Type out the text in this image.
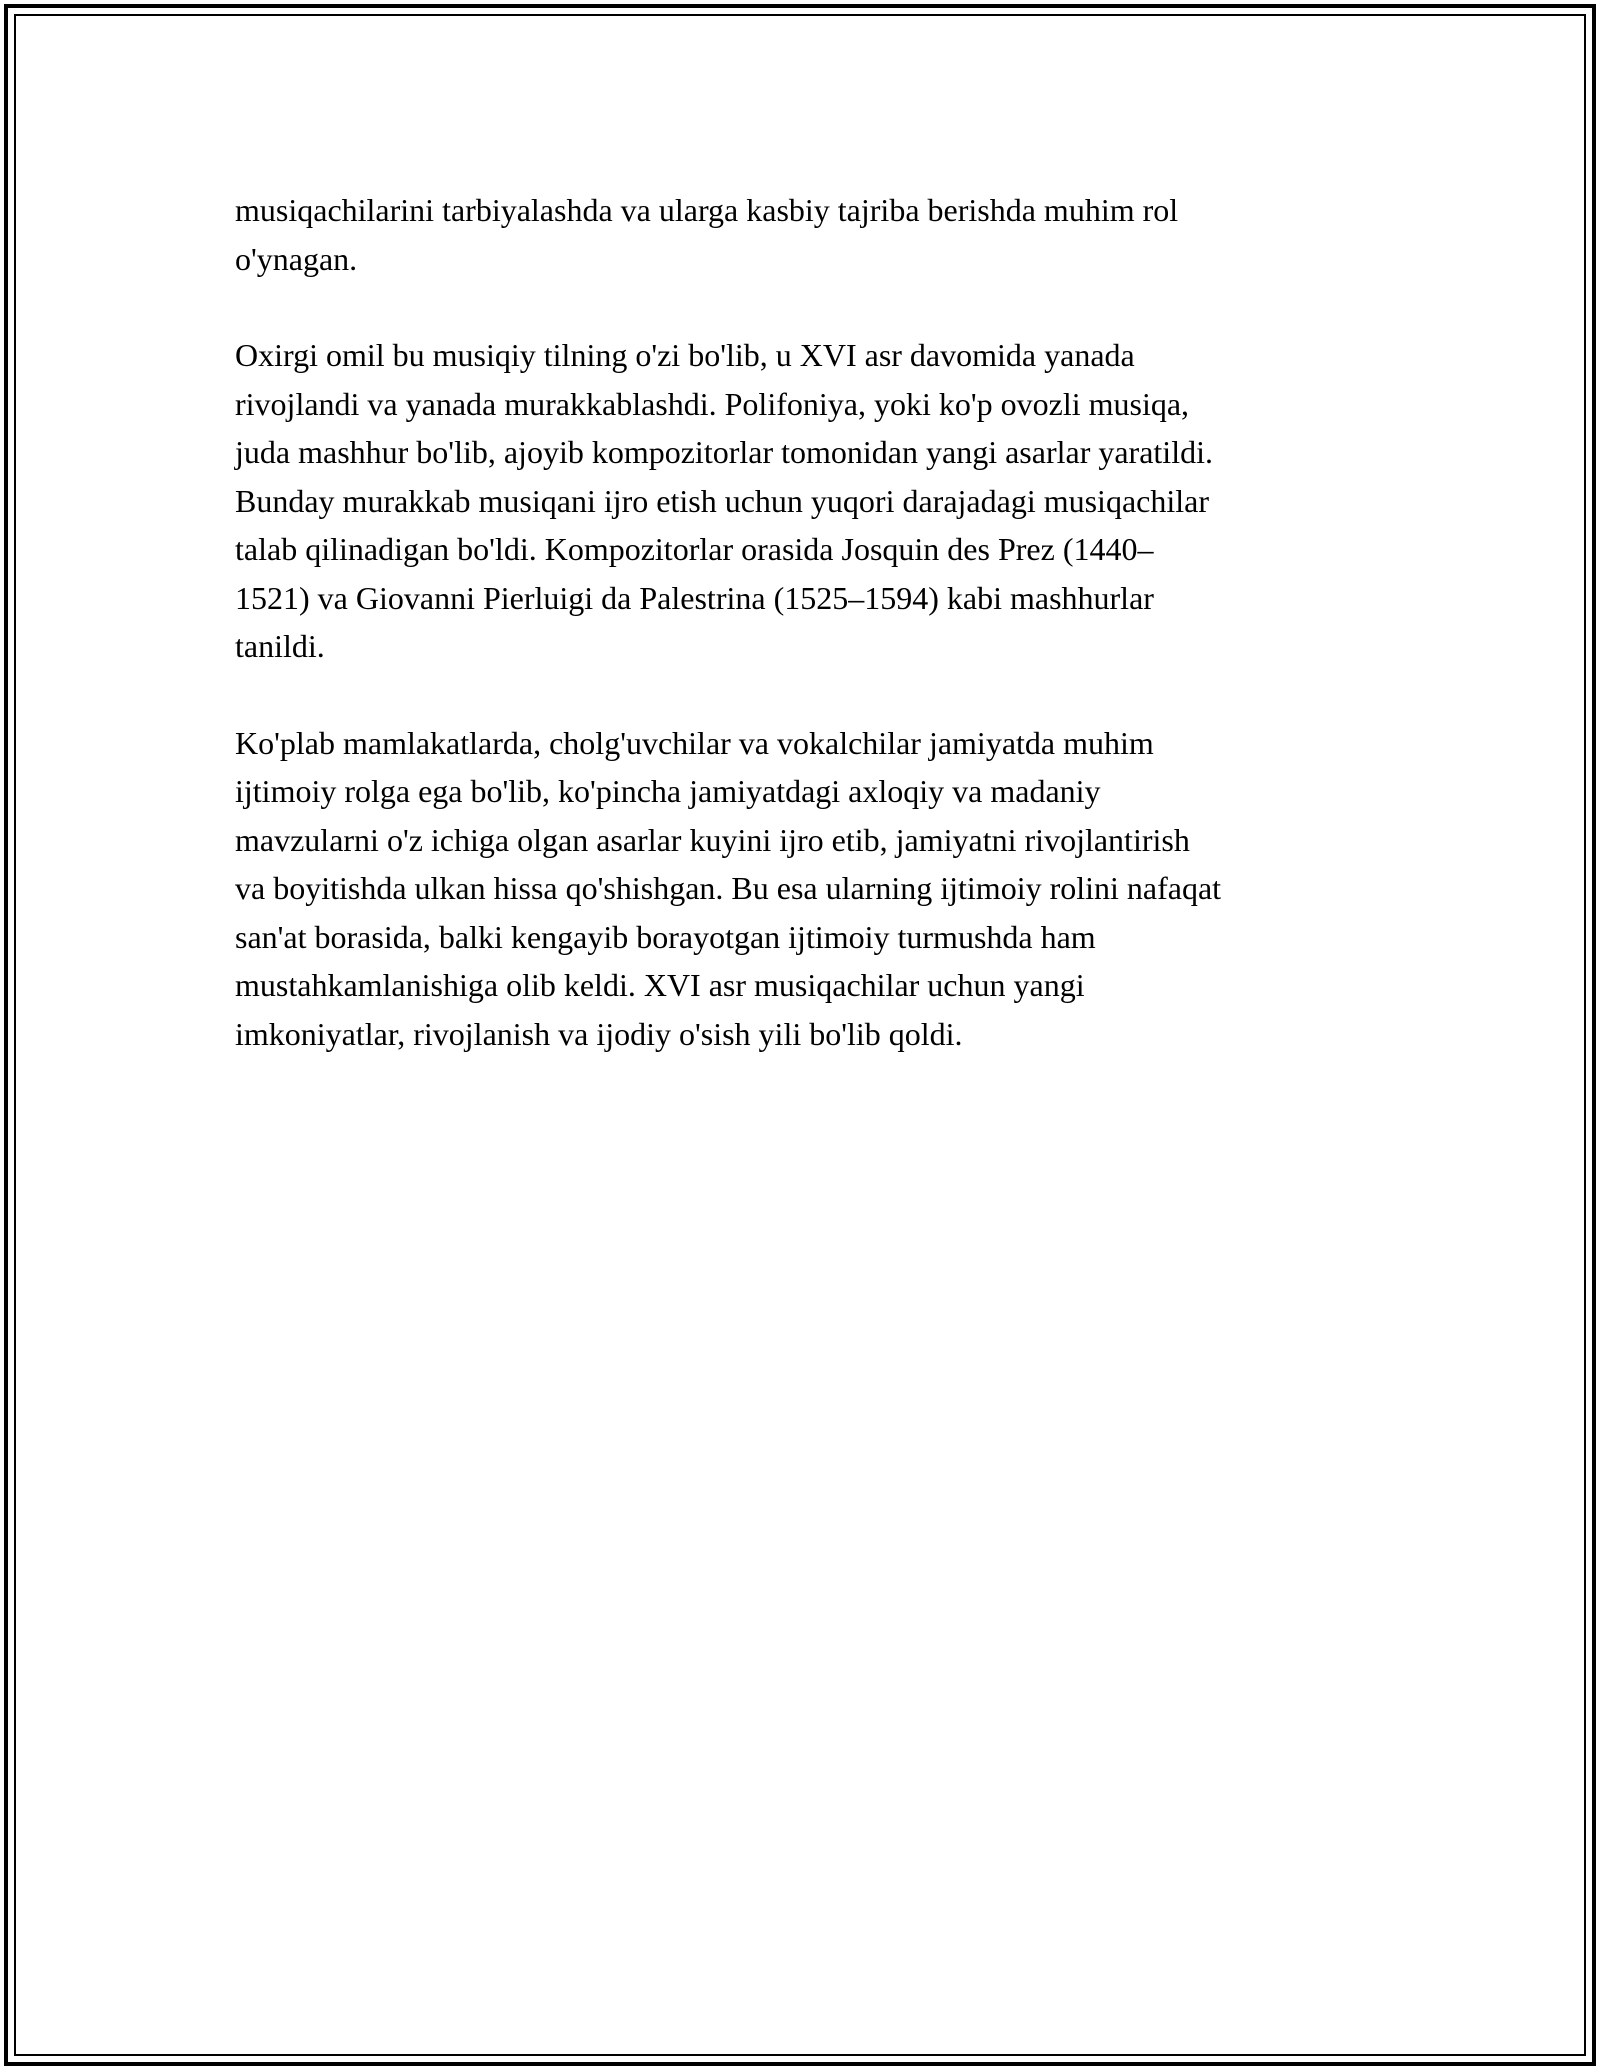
musiqachilarini tarbiyalashda va ularga kasbiy tajriba berishda muhim rol
o'ynagan.

Oxirgi omil bu musiqiy tilning o'zi bo'lib, u XVI asr davomida yanada
rivojlandi va yanada murakkablashdi. Polifoniya, yoki ko'p ovozli musiqa,
juda mashhur bo'lib, ajoyib kompozitorlar tomonidan yangi asarlar yaratildi.
Bunday murakkab musiqani ijro etish uchun yuqori darajadagi musiqachilar
talab qilinadigan bo'ldi. Kompozitorlar orasida Josquin des Prez (1440–
1521) va Giovanni Pierluigi da Palestrina (1525–1594) kabi mashhurlar
tanildi.

Ko'plab mamlakatlarda, cholg'uvchilar va vokalchilar jamiyatda muhim
ijtimoiy rolga ega bo'lib, ko'pincha jamiyatdagi axloqiy va madaniy
mavzularni o'z ichiga olgan asarlar kuyini ijro etib, jamiyatni rivojlantirish
va boyitishda ulkan hissa qo'shishgan. Bu esa ularning ijtimoiy rolini nafaqat
san'at borasida, balki kengayib borayotgan ijtimoiy turmushda ham
mustahkamlanishiga olib keldi. XVI asr musiqachilar uchun yangi
imkoniyatlar, rivojlanish va ijodiy o'sish yili bo'lib qoldi.
